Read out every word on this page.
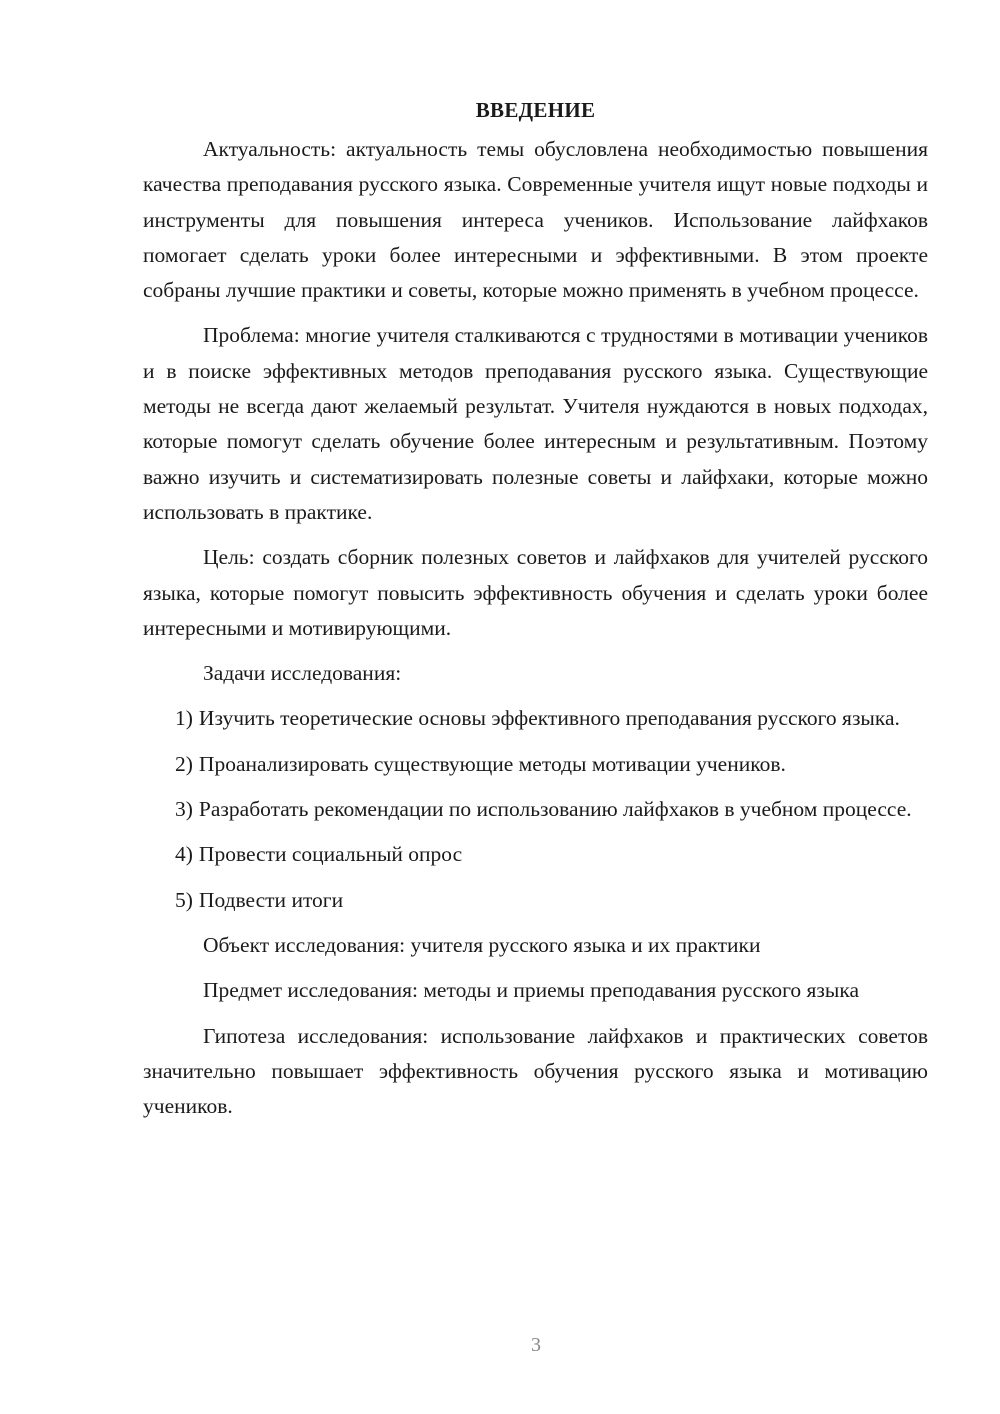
ВВЕДЕНИЕ

Актуальность: актуальность темы обусловлена необходимостью повышения качества преподавания русского языка. Современные учителя ищут новые подходы и инструменты для повышения интереса учеников. Использование лайфхаков помогает сделать уроки более интересными и эффективными. В этом проекте собраны лучшие практики и советы, которые можно применять в учебном процессе.

Проблема: многие учителя сталкиваются с трудностями в мотивации учеников и в поиске эффективных методов преподавания русского языка. Существующие методы не всегда дают желаемый результат. Учителя нуждаются в новых подходах, которые помогут сделать обучение более интересным и результативным. Поэтому важно изучить и систематизировать полезные советы и лайфхаки, которые можно использовать в практике.

Цель: создать сборник полезных советов и лайфхаков для учителей русского языка, которые помогут повысить эффективность обучения и сделать уроки более интересными и мотивирующими.

Задачи исследования:

1) Изучить теоретические основы эффективного преподавания русского языка.

2) Проанализировать существующие методы мотивации учеников.

3) Разработать рекомендации по использованию лайфхаков в учебном процессе.

4) Провести социальный опрос

5) Подвести итоги

Объект исследования: учителя русского языка и их практики

Предмет исследования: методы и приемы преподавания русского языка

Гипотеза исследования: использование лайфхаков и практических советов значительно повышает эффективность обучения русского языка и мотивацию учеников.

3
